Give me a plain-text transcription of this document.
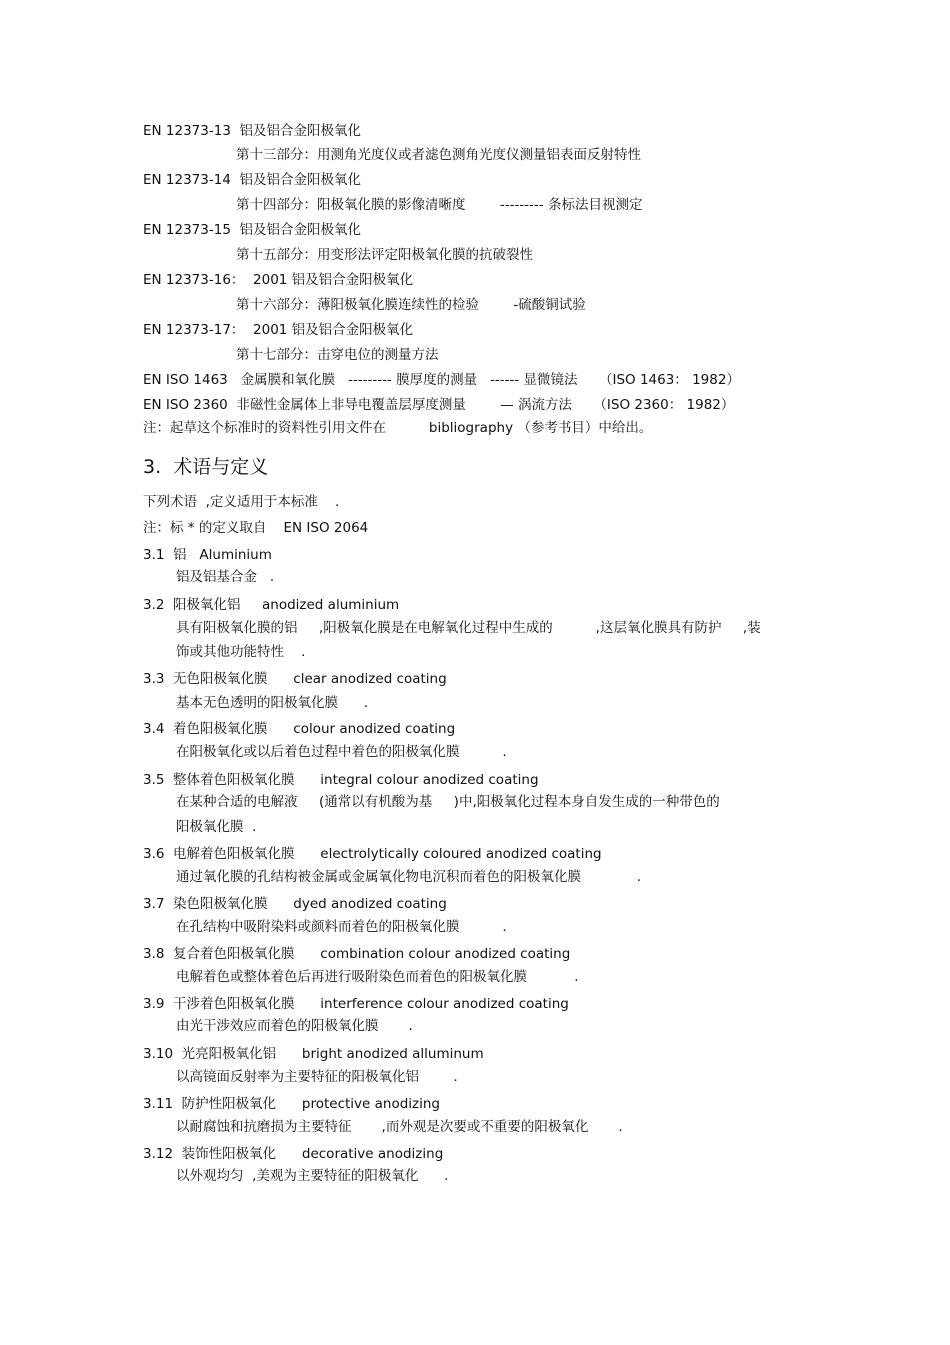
EN 12373-13 铝及铝合金阳极氧化
第十三部分：用测角光度仪或者滤色测角光度仪测量铝表面反射特性
EN 12373-14 铝及铝合金阳极氧化
第十四部分：阳极氧化膜的影像清晰度        --------- 条标法目视测定
EN 12373-15 铝及铝合金阳极氧化
第十五部分：用变形法评定阳极氧化膜的抗破裂性
EN 12373-16： 2001 铝及铝合金阳极氧化
第十六部分：薄阳极氧化膜连续性的检验        -硫酸铜试验
EN 12373-17： 2001 铝及铝合金阳极氧化
第十七部分：击穿电位的测量方法
EN ISO 1463   金属膜和氧化膜   --------- 膜厚度的测量   ------ 显微镜法     （ISO 1463： 1982）
EN ISO 2360  非磁性金属体上非导电覆盖层厚度测量        — 涡流方法     （ISO 2360： 1982）
注：起草这个标准时的资料性引用文件在          bibliography （参考书目）中给出。
3.  术语与定义
下列术语  ,定义适用于本标准    .
注：标 * 的定义取自    EN ISO 2064
3.1  铝   Aluminium
铝及铝基合金   .
3.2  阳极氧化铝     anodized aluminium
具有阳极氧化膜的铝     ,阳极氧化膜是在电解氧化过程中生成的          ,这层氧化膜具有防护     ,装
饰或其他功能特性    .
3.3  无色阳极氧化膜      clear anodized coating
基本无色透明的阳极氧化膜      .
3.4  着色阳极氧化膜      colour anodized coating
在阳极氧化或以后着色过程中着色的阳极氧化膜          .
3.5  整体着色阳极氧化膜      integral colour anodized coating
在某种合适的电解液     (通常以有机酸为基     )中,阳极氧化过程本身自发生成的一种带色的
阳极氧化膜  .
3.6  电解着色阳极氧化膜      electrolytically coloured anodized coating
通过氧化膜的孔结构被金属或金属氧化物电沉积而着色的阳极氧化膜             .
3.7  染色阳极氧化膜      dyed anodized coating
在孔结构中吸附染料或颜料而着色的阳极氧化膜          .
3.8  复合着色阳极氧化膜      combination colour anodized coating
电解着色或整体着色后再进行吸附染色而着色的阳极氧化膜           .
3.9  干涉着色阳极氧化膜      interference colour anodized coating
由光干涉效应而着色的阳极氧化膜       .
3.10  光亮阳极氧化铝      bright anodized alluminum
以高镜面反射率为主要特征的阳极氧化铝        .
3.11  防护性阳极氧化      protective anodizing
以耐腐蚀和抗磨损为主要特征       ,而外观是次要或不重要的阳极氧化       .
3.12  装饰性阳极氧化      decorative anodizing
以外观均匀  ,美观为主要特征的阳极氧化      .
